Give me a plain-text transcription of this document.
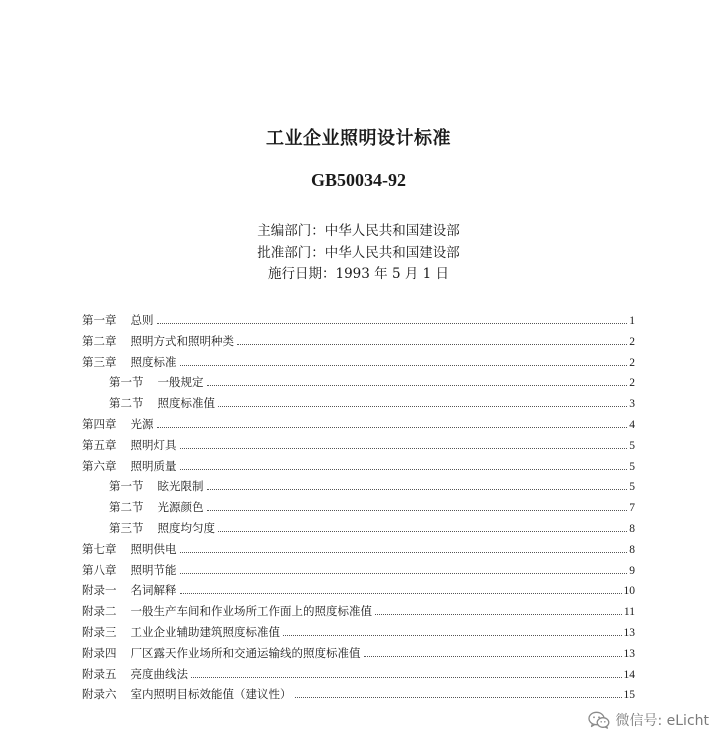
工业企业照明设计标准
GB50034-92
主编部门：中华人民共和国建设部
批准部门：中华人民共和国建设部
施行日期：1993 年 5 月 1 日
第一章 总则	1
第二章 照明方式和照明种类	2
第三章 照度标准	2
第一节 一般规定	2
第二节 照度标准值	3
第四章 光源	4
第五章 照明灯具	5
第六章 照明质量	5
第一节 眩光限制	5
第二节 光源颜色	7
第三节 照度均匀度	8
第七章 照明供电	8
第八章 照明节能	9
附录一 名词解释	10
附录二 一般生产车间和作业场所工作面上的照度标准值	11
附录三 工业企业辅助建筑照度标准值	13
附录四 厂区露天作业场所和交通运输线的照度标准值	13
附录五 亮度曲线法	14
附录六 室内照明目标效能值（建议性）	15
微信号: eLicht
